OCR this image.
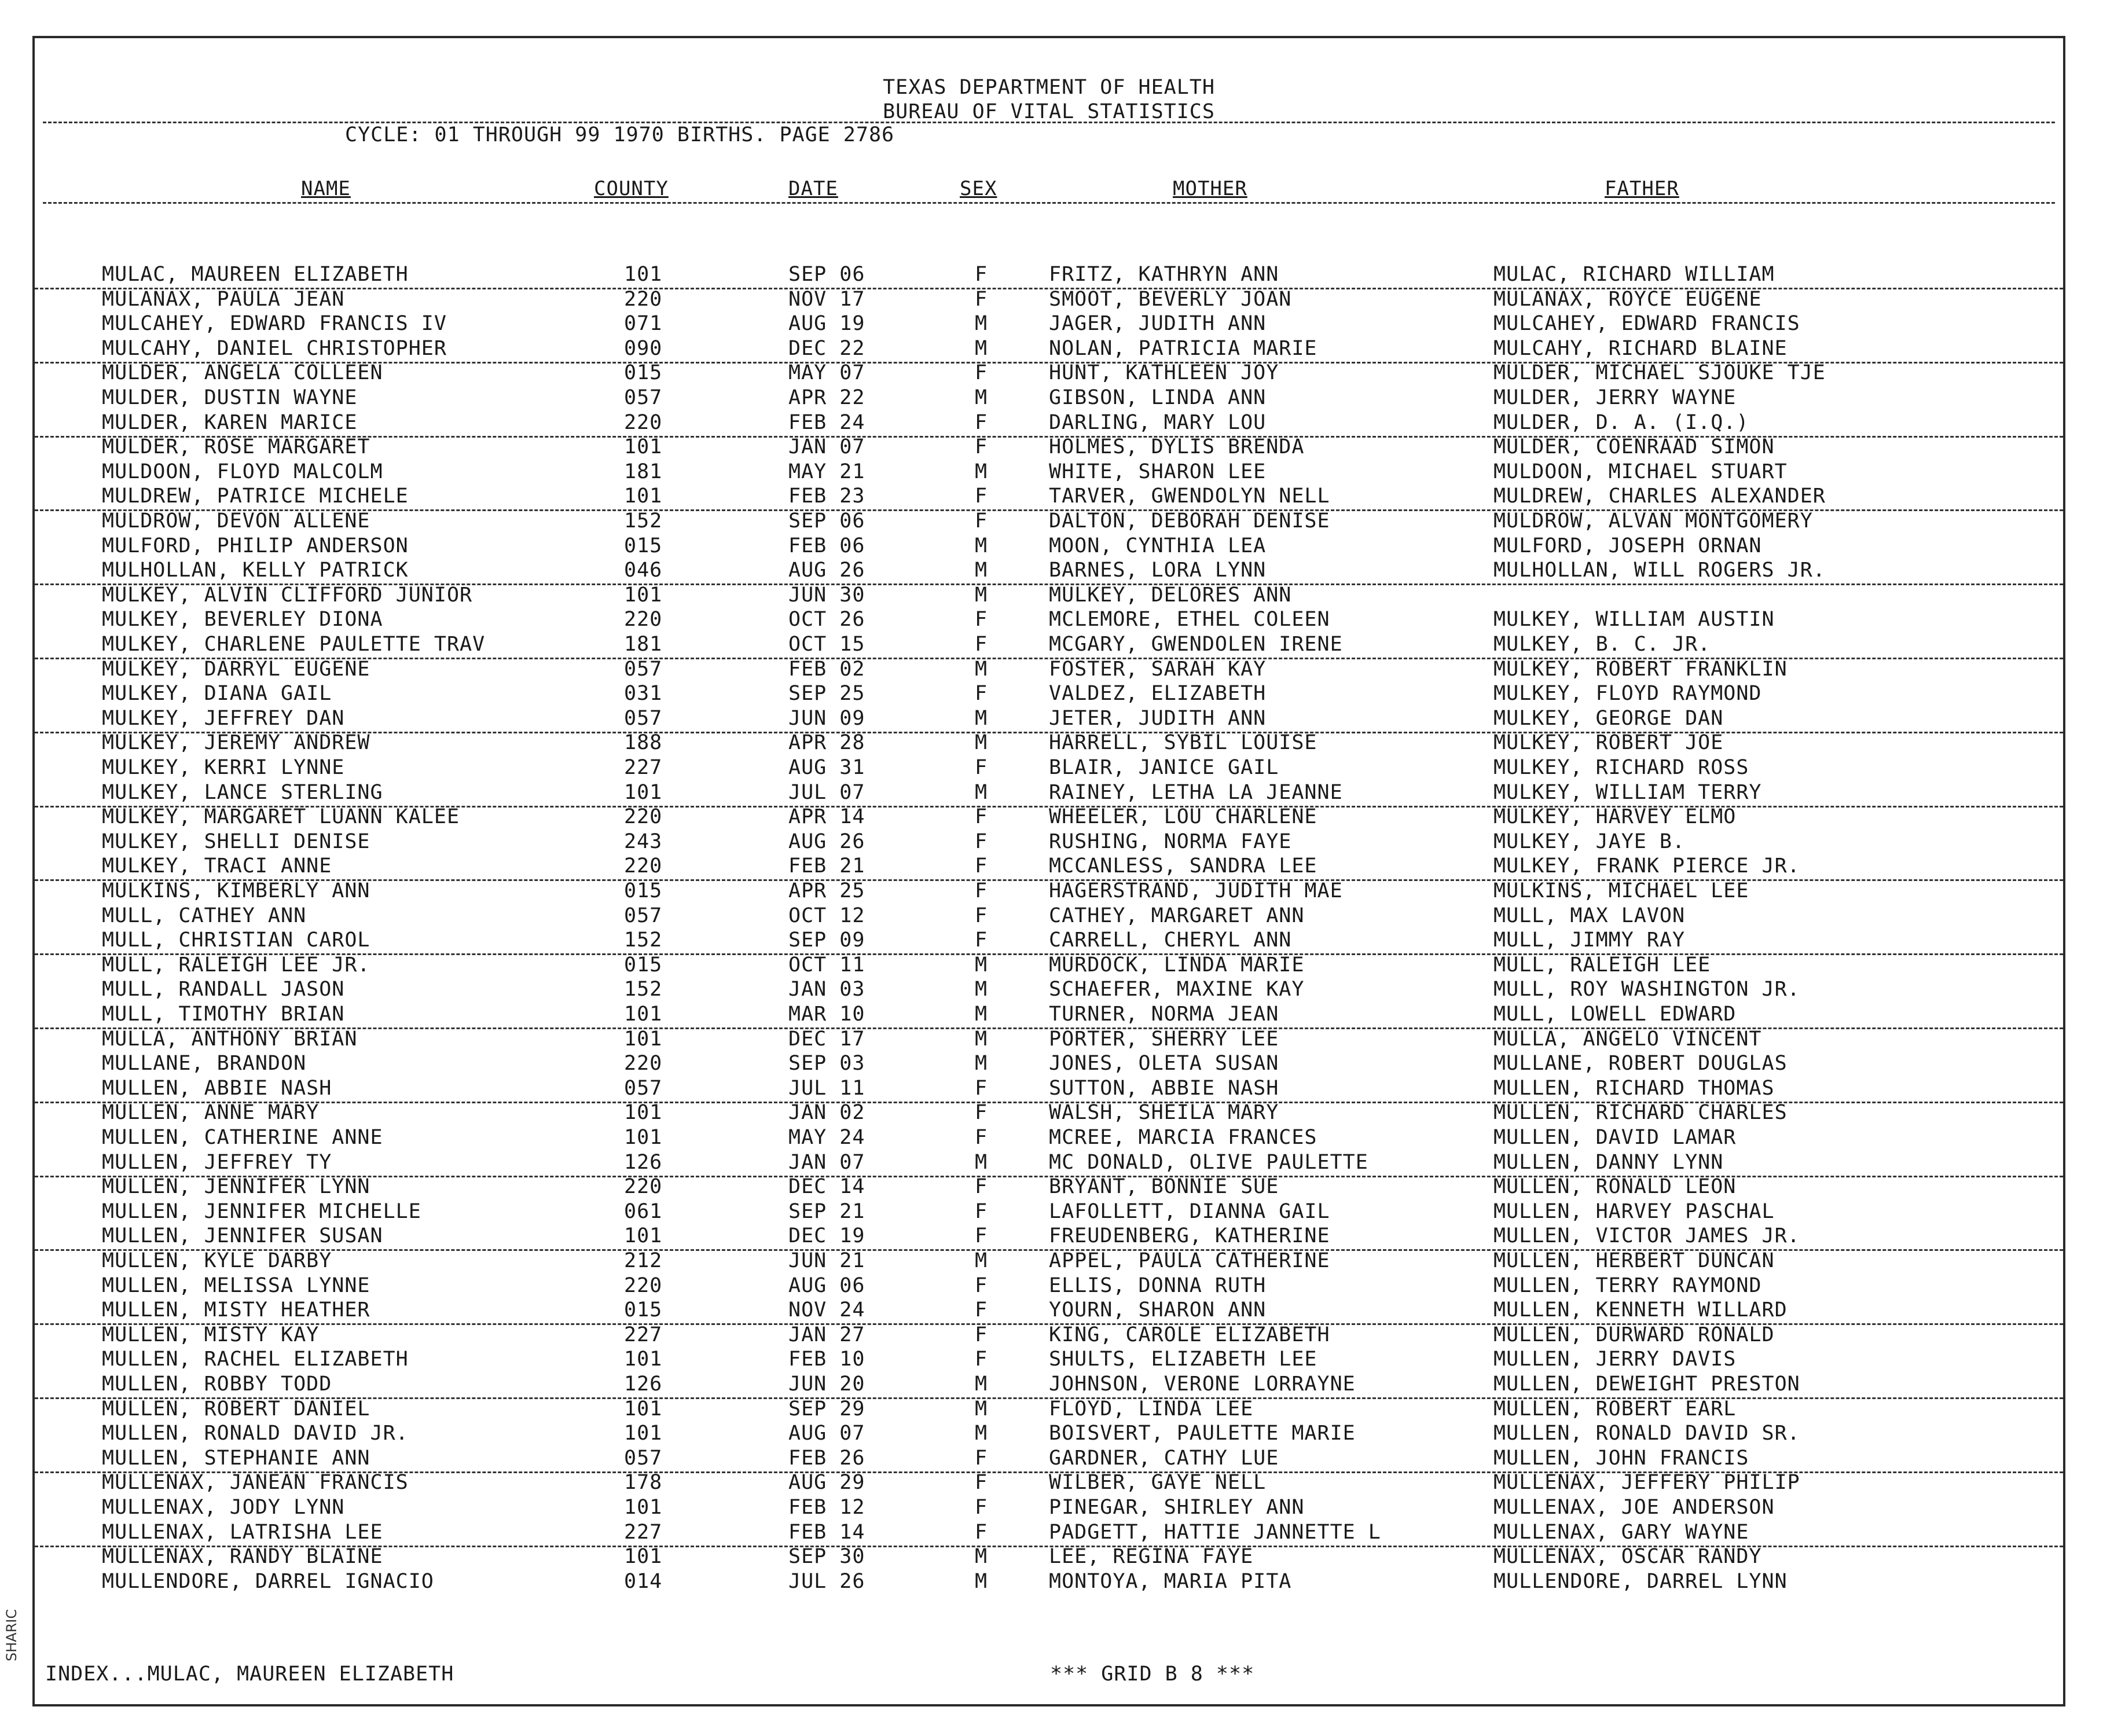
TEXAS DEPARTMENT OF HEALTH
BUREAU OF VITAL STATISTICS
CYCLE: 01 THROUGH 99 1970 BIRTHS. PAGE 2786
NAME	COUNTY	DATE	SEX	MOTHER	FATHER
MULAC, MAUREEN ELIZABETH	101	SEP 06	F	FRITZ, KATHRYN ANN	MULAC, RICHARD WILLIAM
MULANAX, PAULA JEAN	220	NOV 17	F	SMOOT, BEVERLY JOAN	MULANAX, ROYCE EUGENE
MULCAHEY, EDWARD FRANCIS IV	071	AUG 19	M	JAGER, JUDITH ANN	MULCAHEY, EDWARD FRANCIS
MULCAHY, DANIEL CHRISTOPHER	090	DEC 22	M	NOLAN, PATRICIA MARIE	MULCAHY, RICHARD BLAINE
MULDER, ANGELA COLLEEN	015	MAY 07	F	HUNT, KATHLEEN JOY	MULDER, MICHAEL SJOUKE TJE
MULDER, DUSTIN WAYNE	057	APR 22	M	GIBSON, LINDA ANN	MULDER, JERRY WAYNE
MULDER, KAREN MARICE	220	FEB 24	F	DARLING, MARY LOU	MULDER, D. A. (I.Q.)
MULDER, ROSE MARGARET	101	JAN 07	F	HOLMES, DYLIS BRENDA	MULDER, COENRAAD SIMON
MULDOON, FLOYD MALCOLM	181	MAY 21	M	WHITE, SHARON LEE	MULDOON, MICHAEL STUART
MULDREW, PATRICE MICHELE	101	FEB 23	F	TARVER, GWENDOLYN NELL	MULDREW, CHARLES ALEXANDER
MULDROW, DEVON ALLENE	152	SEP 06	F	DALTON, DEBORAH DENISE	MULDROW, ALVAN MONTGOMERY
MULFORD, PHILIP ANDERSON	015	FEB 06	M	MOON, CYNTHIA LEA	MULFORD, JOSEPH ORNAN
MULHOLLAN, KELLY PATRICK	046	AUG 26	M	BARNES, LORA LYNN	MULHOLLAN, WILL ROGERS JR.
MULKEY, ALVIN CLIFFORD JUNIOR	101	JUN 30	M	MULKEY, DELORES ANN
MULKEY, BEVERLEY DIONA	220	OCT 26	F	MCLEMORE, ETHEL COLEEN	MULKEY, WILLIAM AUSTIN
MULKEY, CHARLENE PAULETTE TRAV	181	OCT 15	F	MCGARY, GWENDOLEN IRENE	MULKEY, B. C. JR.
MULKEY, DARRYL EUGENE	057	FEB 02	M	FOSTER, SARAH KAY	MULKEY, ROBERT FRANKLIN
MULKEY, DIANA GAIL	031	SEP 25	F	VALDEZ, ELIZABETH	MULKEY, FLOYD RAYMOND
MULKEY, JEFFREY DAN	057	JUN 09	M	JETER, JUDITH ANN	MULKEY, GEORGE DAN
MULKEY, JEREMY ANDREW	188	APR 28	M	HARRELL, SYBIL LOUISE	MULKEY, ROBERT JOE
MULKEY, KERRI LYNNE	227	AUG 31	F	BLAIR, JANICE GAIL	MULKEY, RICHARD ROSS
MULKEY, LANCE STERLING	101	JUL 07	M	RAINEY, LETHA LA JEANNE	MULKEY, WILLIAM TERRY
MULKEY, MARGARET LUANN KALEE	220	APR 14	F	WHEELER, LOU CHARLENE	MULKEY, HARVEY ELMO
MULKEY, SHELLI DENISE	243	AUG 26	F	RUSHING, NORMA FAYE	MULKEY, JAYE B.
MULKEY, TRACI ANNE	220	FEB 21	F	MCCANLESS, SANDRA LEE	MULKEY, FRANK PIERCE JR.
MULKINS, KIMBERLY ANN	015	APR 25	F	HAGERSTRAND, JUDITH MAE	MULKINS, MICHAEL LEE
MULL, CATHEY ANN	057	OCT 12	F	CATHEY, MARGARET ANN	MULL, MAX LAVON
MULL, CHRISTIAN CAROL	152	SEP 09	F	CARRELL, CHERYL ANN	MULL, JIMMY RAY
MULL, RALEIGH LEE JR.	015	OCT 11	M	MURDOCK, LINDA MARIE	MULL, RALEIGH LEE
MULL, RANDALL JASON	152	JAN 03	M	SCHAEFER, MAXINE KAY	MULL, ROY WASHINGTON JR.
MULL, TIMOTHY BRIAN	101	MAR 10	M	TURNER, NORMA JEAN	MULL, LOWELL EDWARD
MULLA, ANTHONY BRIAN	101	DEC 17	M	PORTER, SHERRY LEE	MULLA, ANGELO VINCENT
MULLANE, BRANDON	220	SEP 03	M	JONES, OLETA SUSAN	MULLANE, ROBERT DOUGLAS
MULLEN, ABBIE NASH	057	JUL 11	F	SUTTON, ABBIE NASH	MULLEN, RICHARD THOMAS
MULLEN, ANNE MARY	101	JAN 02	F	WALSH, SHEILA MARY	MULLEN, RICHARD CHARLES
MULLEN, CATHERINE ANNE	101	MAY 24	F	MCREE, MARCIA FRANCES	MULLEN, DAVID LAMAR
MULLEN, JEFFREY TY	126	JAN 07	M	MC DONALD, OLIVE PAULETTE	MULLEN, DANNY LYNN
MULLEN, JENNIFER LYNN	220	DEC 14	F	BRYANT, BONNIE SUE	MULLEN, RONALD LEON
MULLEN, JENNIFER MICHELLE	061	SEP 21	F	LAFOLLETT, DIANNA GAIL	MULLEN, HARVEY PASCHAL
MULLEN, JENNIFER SUSAN	101	DEC 19	F	FREUDENBERG, KATHERINE	MULLEN, VICTOR JAMES JR.
MULLEN, KYLE DARBY	212	JUN 21	M	APPEL, PAULA CATHERINE	MULLEN, HERBERT DUNCAN
MULLEN, MELISSA LYNNE	220	AUG 06	F	ELLIS, DONNA RUTH	MULLEN, TERRY RAYMOND
MULLEN, MISTY HEATHER	015	NOV 24	F	YOURN, SHARON ANN	MULLEN, KENNETH WILLARD
MULLEN, MISTY KAY	227	JAN 27	F	KING, CAROLE ELIZABETH	MULLEN, DURWARD RONALD
MULLEN, RACHEL ELIZABETH	101	FEB 10	F	SHULTS, ELIZABETH LEE	MULLEN, JERRY DAVIS
MULLEN, ROBBY TODD	126	JUN 20	M	JOHNSON, VERONE LORRAYNE	MULLEN, DEWEIGHT PRESTON
MULLEN, ROBERT DANIEL	101	SEP 29	M	FLOYD, LINDA LEE	MULLEN, ROBERT EARL
MULLEN, RONALD DAVID JR.	101	AUG 07	M	BOISVERT, PAULETTE MARIE	MULLEN, RONALD DAVID SR.
MULLEN, STEPHANIE ANN	057	FEB 26	F	GARDNER, CATHY LUE	MULLEN, JOHN FRANCIS
MULLENAX, JANEAN FRANCIS	178	AUG 29	F	WILBER, GAYE NELL	MULLENAX, JEFFERY PHILIP
MULLENAX, JODY LYNN	101	FEB 12	F	PINEGAR, SHIRLEY ANN	MULLENAX, JOE ANDERSON
MULLENAX, LATRISHA LEE	227	FEB 14	F	PADGETT, HATTIE JANNETTE L	MULLENAX, GARY WAYNE
MULLENAX, RANDY BLAINE	101	SEP 30	M	LEE, REGINA FAYE	MULLENAX, OSCAR RANDY
MULLENDORE, DARREL IGNACIO	014	JUL 26	M	MONTOYA, MARIA PITA	MULLENDORE, DARREL LYNN
INDEX...MULAC, MAUREEN ELIZABETH	*** GRID B 8 ***
SHARIC
